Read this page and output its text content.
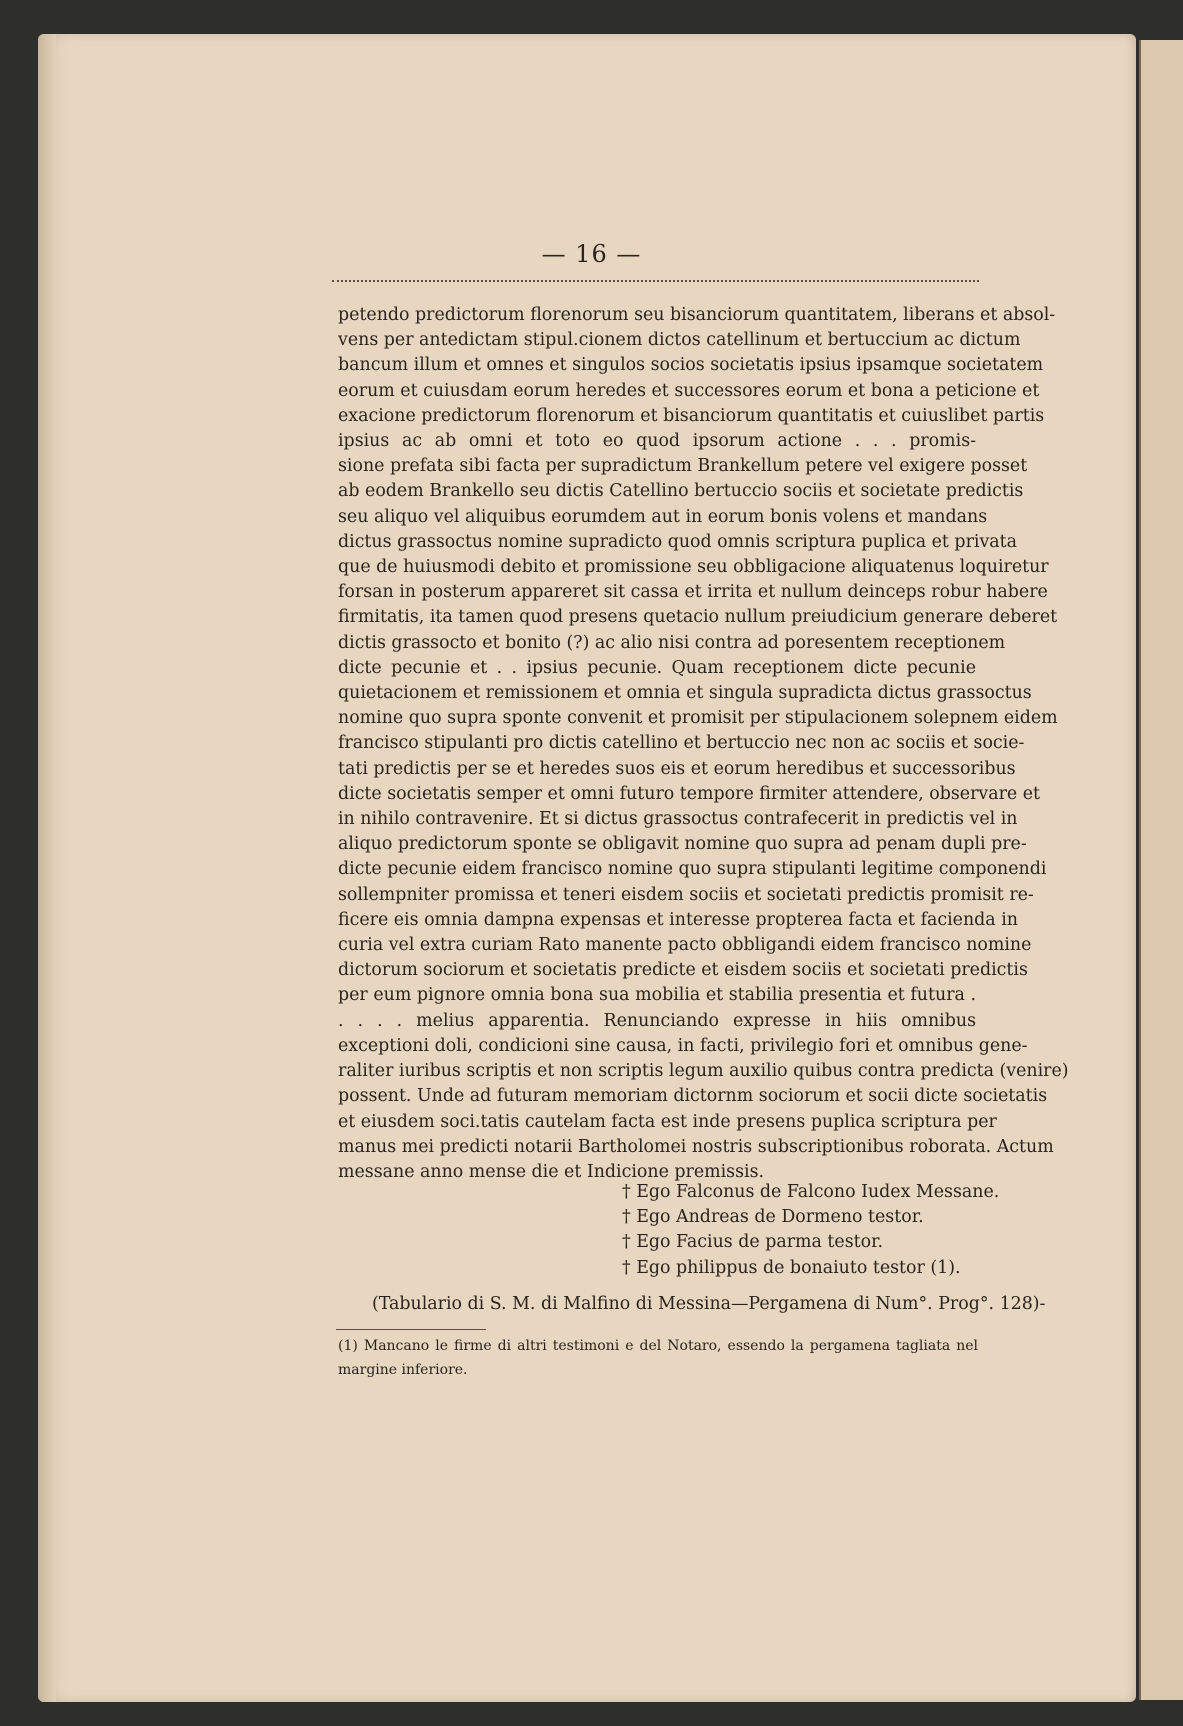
— 16 —
petendo predictorum florenorum seu bisanciorum quantitatem, liberans et absol-
vens per antedictam stipul.cionem dictos catellinum et bertuccium ac dictum
bancum illum et omnes et singulos socios societatis ipsius ipsamque societatem
eorum et cuiusdam eorum heredes et successores eorum et bona a peticione et
exacione predictorum florenorum et bisanciorum quantitatis et cuiuslibet partis
ipsius ac ab omni et toto eo quod ipsorum actione . . . promis-
sione prefata sibi facta per supradictum Brankellum petere vel exigere posset
ab eodem Brankello seu dictis Catellino bertuccio sociis et societate predictis
seu aliquo vel aliquibus eorumdem aut in eorum bonis volens et mandans
dictus grassoctus nomine supradicto quod omnis scriptura puplica et privata
que de huiusmodi debito et promissione seu obbligacione aliquatenus loquiretur
forsan in posterum appareret sit cassa et irrita et nullum deinceps robur habere
firmitatis, ita tamen quod presens quetacio nullum preiudicium generare deberet
dictis grassocto et bonito (?) ac alio nisi contra ad poresentem receptionem
dicte pecunie et . . ipsius pecunie. Quam receptionem dicte pecunie
quietacionem et remissionem et omnia et singula supradicta dictus grassoctus
nomine quo supra sponte convenit et promisit per stipulacionem solepnem eidem
francisco stipulanti pro dictis catellino et bertuccio nec non ac sociis et socie-
tati predictis per se et heredes suos eis et eorum heredibus et successoribus
dicte societatis semper et omni futuro tempore firmiter attendere, observare et
in nihilo contravenire. Et si dictus grassoctus contrafecerit in predictis vel in
aliquo predictorum sponte se obligavit nomine quo supra ad penam dupli pre-
dicte pecunie eidem francisco nomine quo supra stipulanti legitime componendi
sollempniter promissa et teneri eisdem sociis et societati predictis promisit re-
ficere eis omnia dampna expensas et interesse propterea facta et facienda in
curia vel extra curiam Rato manente pacto obbligandi eidem francisco nomine
dictorum sociorum et societatis predicte et eisdem sociis et societati predictis
per eum pignore omnia bona sua mobilia et stabilia presentia et futura .
. . . . melius apparentia. Renunciando expresse in hiis omnibus
exceptioni doli, condicioni sine causa, in facti, privilegio fori et omnibus gene-
raliter iuribus scriptis et non scriptis legum auxilio quibus contra predicta (venire)
possent. Unde ad futuram memoriam dictornm sociorum et socii dicte societatis
et eiusdem soci.tatis cautelam facta est inde presens puplica scriptura per
manus mei predicti notarii Bartholomei nostris subscriptionibus roborata. Actum
messane anno mense die et Indicione premissis.
† Ego Falconus de Falcono Iudex Messane.
† Ego Andreas de Dormeno testor.
† Ego Facius de parma testor.
† Ego philippus de bonaiuto testor (1).
(Tabulario di S. M. di Malfino di Messina—Pergamena di Num°. Prog°. 128)-
(1) Mancano le firme di altri testimoni e del Notaro, essendo la pergamena tagliata nel
margine inferiore.
